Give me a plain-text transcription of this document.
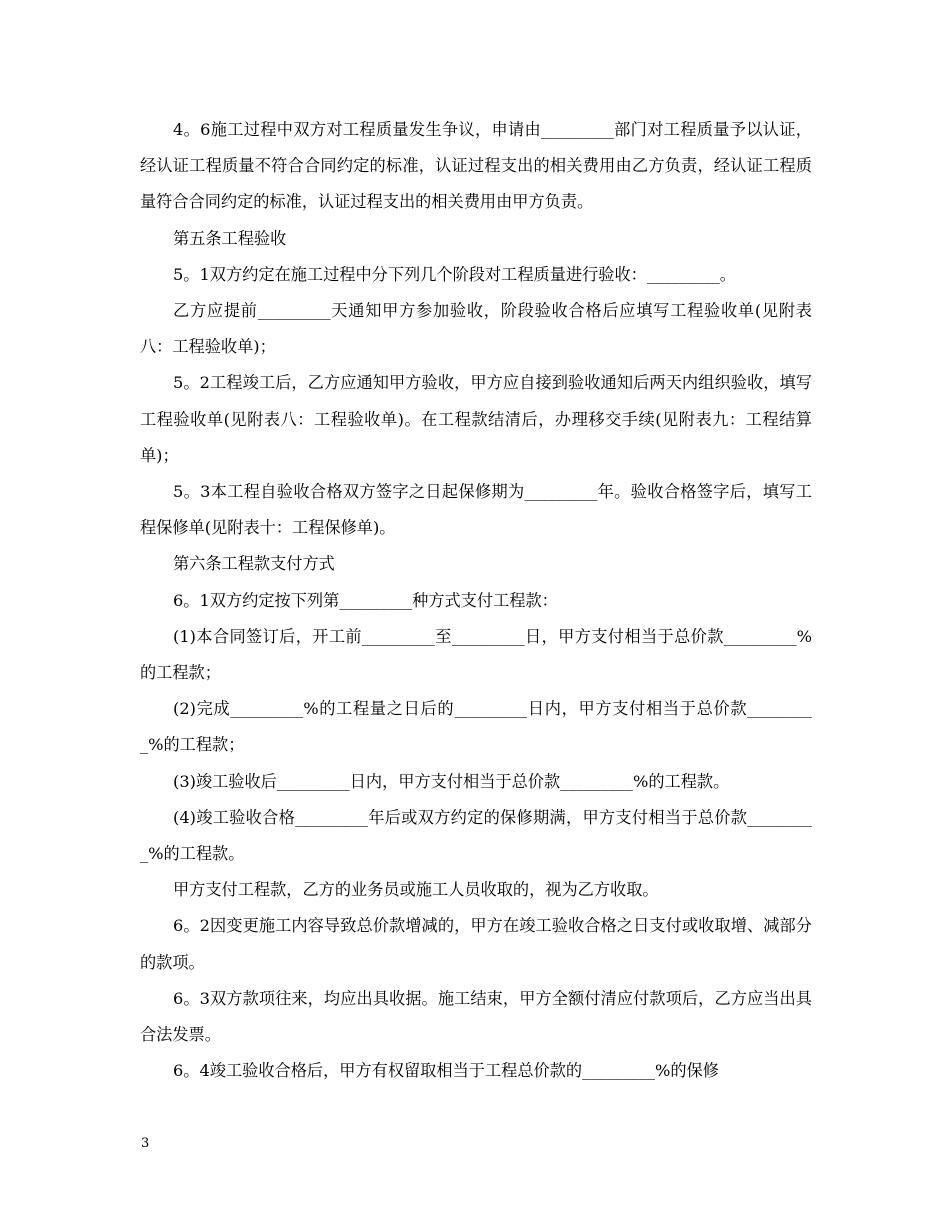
4。6施工过程中双方对工程质量发生争议，申请由_________部门对工程质量予以认证，经认证工程质量不符合合同约定的标准，认证过程支出的相关费用由乙方负责，经认证工程质量符合合同约定的标准，认证过程支出的相关费用由甲方负责。

第五条工程验收

5。1双方约定在施工过程中分下列几个阶段对工程质量进行验收：_________。

乙方应提前_________天通知甲方参加验收，阶段验收合格后应填写工程验收单(见附表八：工程验收单)；

5。2工程竣工后，乙方应通知甲方验收，甲方应自接到验收通知后两天内组织验收，填写工程验收单(见附表八：工程验收单)。在工程款结清后，办理移交手续(见附表九：工程结算单)；

5。3本工程自验收合格双方签字之日起保修期为_________年。验收合格签字后，填写工程保修单(见附表十：工程保修单)。

第六条工程款支付方式

6。1双方约定按下列第_________种方式支付工程款：

(1)本合同签订后，开工前_________至_________日，甲方支付相当于总价款_________%的工程款；

(2)完成_________%的工程量之日后的_________日内，甲方支付相当于总价款_________%的工程款；

(3)竣工验收后_________日内，甲方支付相当于总价款_________%的工程款。

(4)竣工验收合格_________年后或双方约定的保修期满，甲方支付相当于总价款_________%的工程款。

甲方支付工程款，乙方的业务员或施工人员收取的，视为乙方收取。

6。2因变更施工内容导致总价款增减的，甲方在竣工验收合格之日支付或收取增、减部分的款项。

6。3双方款项往来，均应出具收据。施工结束，甲方全额付清应付款项后，乙方应当出具合法发票。

6。4竣工验收合格后，甲方有权留取相当于工程总价款的_________%的保修

3
